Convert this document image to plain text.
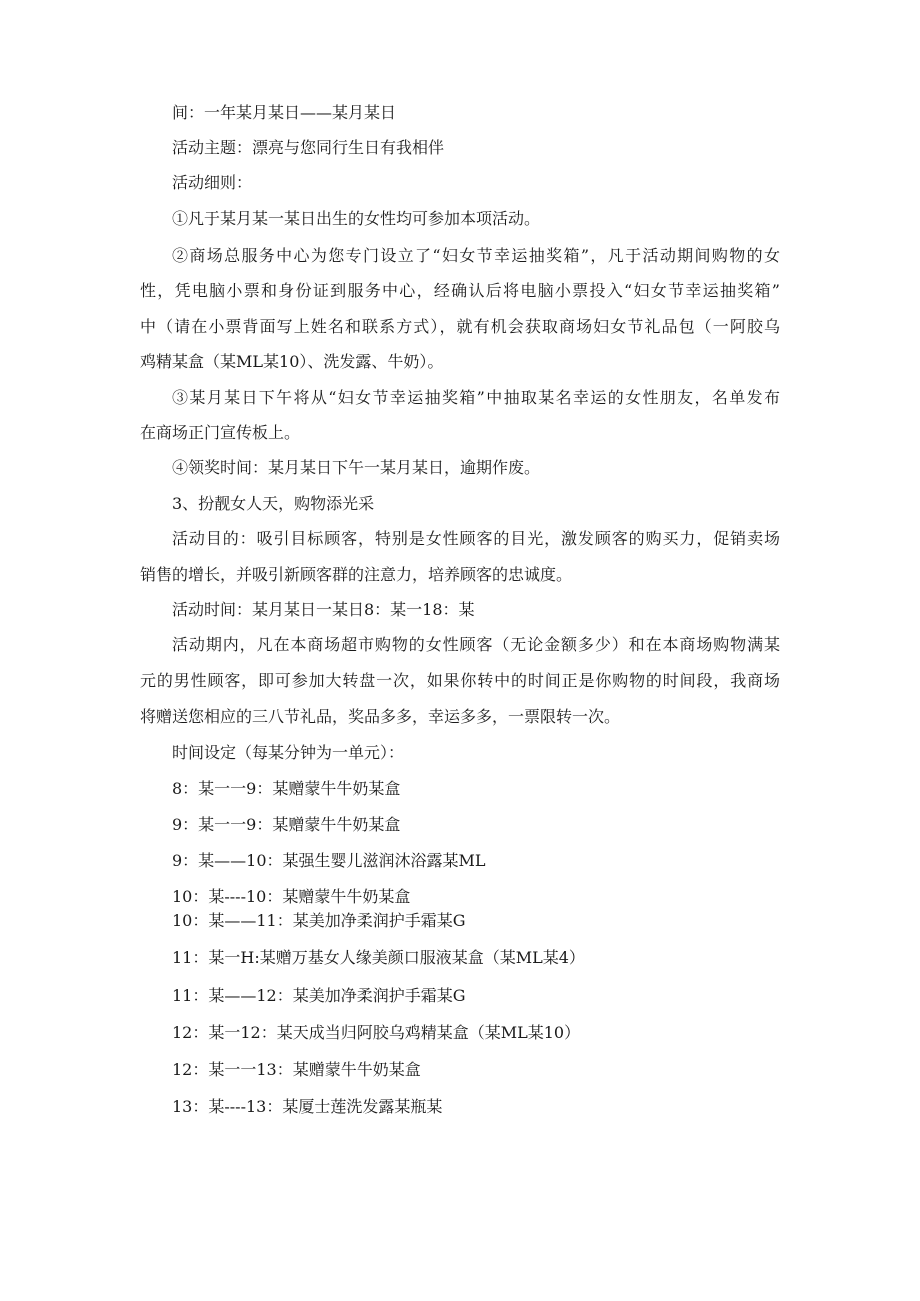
间：一年某月某日——某月某日

活动主题：漂亮与您同行生日有我相伴

活动细则：

①凡于某月某一某日出生的女性均可参加本项活动。

②商场总服务中心为您专门设立了“妇女节幸运抽奖箱”，凡于活动期间购物的女

性，凭电脑小票和身份证到服务中心，经确认后将电脑小票投入“妇女节幸运抽奖箱”

中（请在小票背面写上姓名和联系方式），就有机会获取商场妇女节礼品包（一阿胶乌

鸡精某盒（某ML某10）、洗发露、牛奶）。

③某月某日下午将从“妇女节幸运抽奖箱”中抽取某名幸运的女性朋友，名单发布

在商场正门宣传板上。

④领奖时间：某月某日下午一某月某日，逾期作废。

3、扮靓女人天，购物添光采

活动目的：吸引目标顾客，特别是女性顾客的目光，激发顾客的购买力，促销卖场

销售的增长，并吸引新顾客群的注意力，培养顾客的忠诚度。

活动时间：某月某日一某日8：某一18：某

活动期内，凡在本商场超市购物的女性顾客（无论金额多少）和在本商场购物满某

元的男性顾客，即可参加大转盘一次，如果你转中的时间正是你购物的时间段，我商场

将赠送您相应的三八节礼品，奖品多多，幸运多多，一票限转一次。

时间设定（每某分钟为一单元）：

8：某一一9：某赠蒙牛牛奶某盒

9：某一一9：某赠蒙牛牛奶某盒

9：某——10：某强生婴儿滋润沐浴露某ML

10：某----10：某赠蒙牛牛奶某盒

10：某——11：某美加净柔润护手霜某G

11：某一H:某赠万基女人缘美颜口服液某盒（某ML某4）

11：某——12：某美加净柔润护手霜某G

12：某一12：某天成当归阿胶乌鸡精某盒（某ML某10）

12：某一一13：某赠蒙牛牛奶某盒

13：某----13：某厦士莲洗发露某瓶某
